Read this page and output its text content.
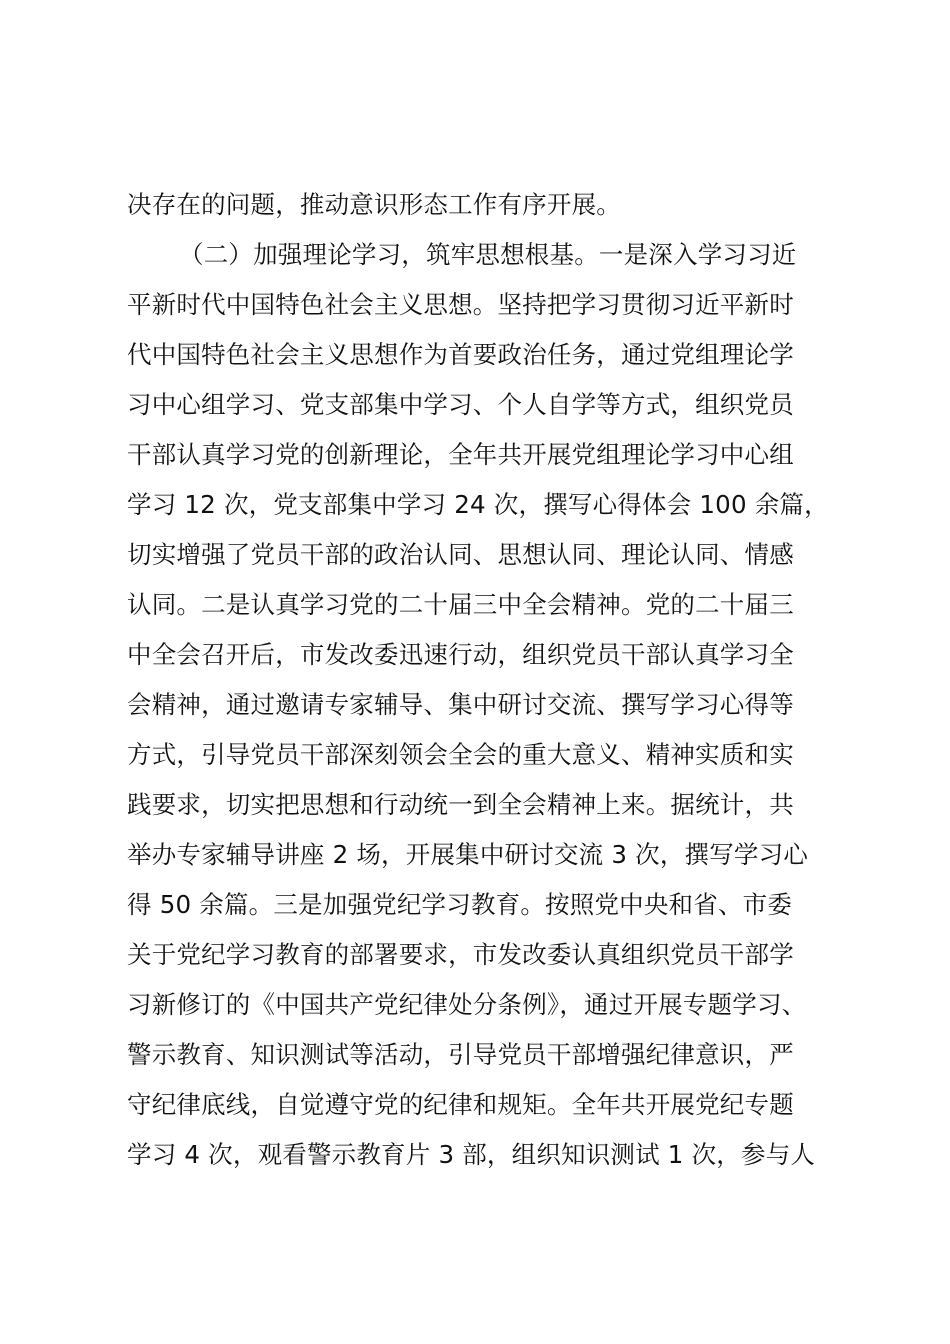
决存在的问题，推动意识形态工作有序开展。
（二）加强理论学习，筑牢思想根基。一是深入学习习近
平新时代中国特色社会主义思想。坚持把学习贯彻习近平新时
代中国特色社会主义思想作为首要政治任务，通过党组理论学
习中心组学习、党支部集中学习、个人自学等方式，组织党员
干部认真学习党的创新理论，全年共开展党组理论学习中心组
学习 12 次，党支部集中学习 24 次，撰写心得体会 100 余篇，
切实增强了党员干部的政治认同、思想认同、理论认同、情感
认同。二是认真学习党的二十届三中全会精神。党的二十届三
中全会召开后，市发改委迅速行动，组织党员干部认真学习全
会精神，通过邀请专家辅导、集中研讨交流、撰写学习心得等
方式，引导党员干部深刻领会全会的重大意义、精神实质和实
践要求，切实把思想和行动统一到全会精神上来。据统计，共
举办专家辅导讲座 2 场，开展集中研讨交流 3 次，撰写学习心
得 50 余篇。三是加强党纪学习教育。按照党中央和省、市委
关于党纪学习教育的部署要求，市发改委认真组织党员干部学
习新修订的《中国共产党纪律处分条例》，通过开展专题学习、
警示教育、知识测试等活动，引导党员干部增强纪律意识，严
守纪律底线，自觉遵守党的纪律和规矩。全年共开展党纪专题
学习 4 次，观看警示教育片 3 部，组织知识测试 1 次，参与人
